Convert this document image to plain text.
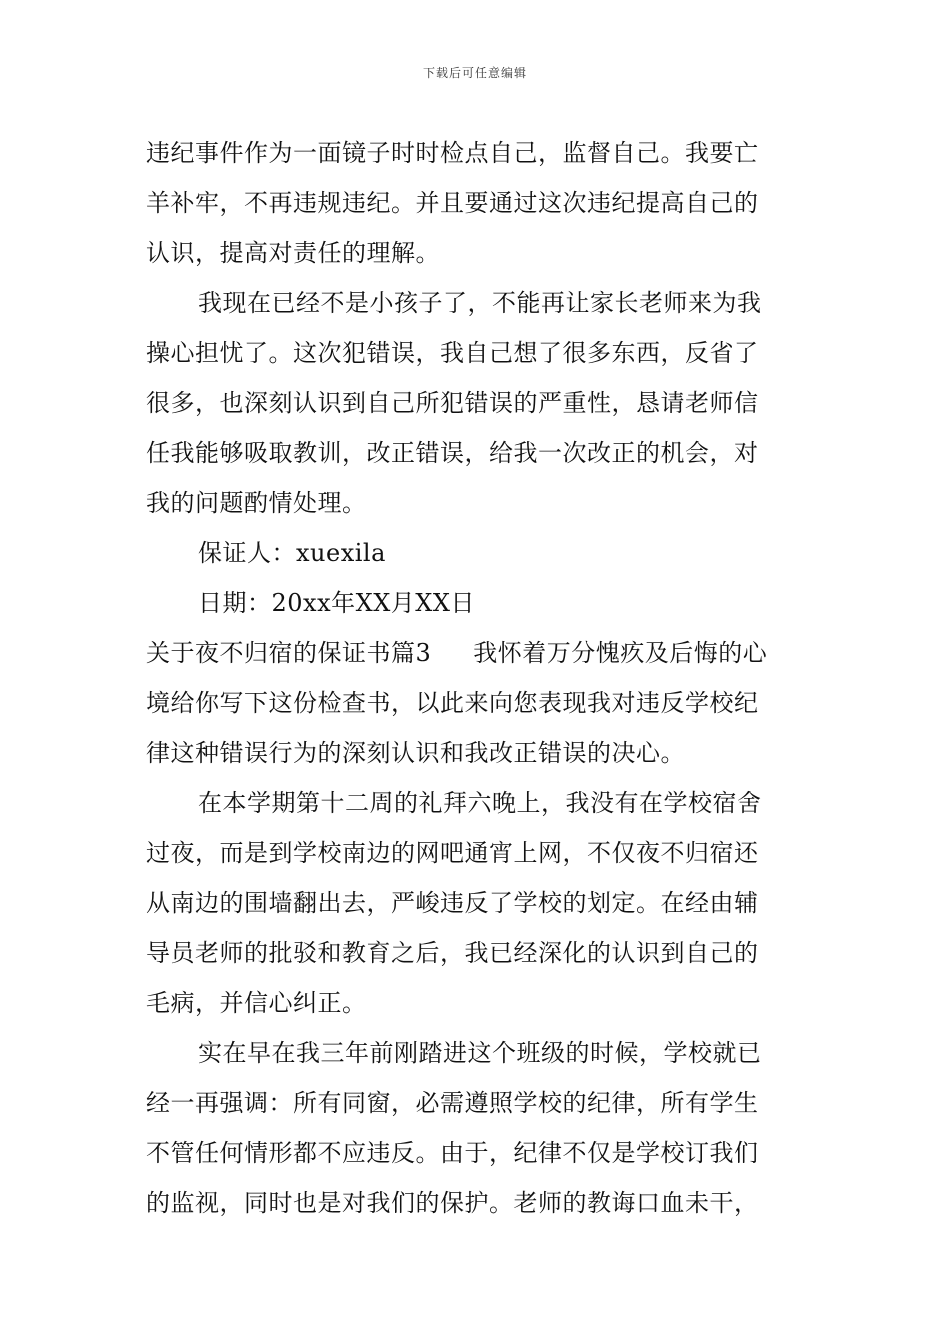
下载后可任意编辑
违纪事件作为一面镜子时时检点自己，监督自己。我要亡
羊补牢，不再违规违纪。并且要通过这次违纪提高自己的
认识，提高对责任的理解。
我现在已经不是小孩子了，不能再让家长老师来为我
操心担忧了。这次犯错误，我自己想了很多东西，反省了
很多，也深刻认识到自己所犯错误的严重性，恳请老师信
任我能够吸取教训，改正错误，给我一次改正的机会，对
我的问题酌情处理。
保证人：xuexila
日期：20xx年XX月XX日
关于夜不归宿的保证书篇3 我怀着万分愧疚及后悔的心
境给你写下这份检查书，以此来向您表现我对违反学校纪
律这种错误行为的深刻认识和我改正错误的决心。
在本学期第十二周的礼拜六晚上，我没有在学校宿舍
过夜，而是到学校南边的网吧通宵上网，不仅夜不归宿还
从南边的围墙翻出去，严峻违反了学校的划定。在经由辅
导员老师的批驳和教育之后，我已经深化的认识到自己的
毛病，并信心纠正。
实在早在我三年前刚踏进这个班级的时候，学校就已
经一再强调：所有同窗，必需遵照学校的纪律，所有学生
不管任何情形都不应违反。由于，纪律不仅是学校订我们
的监视，同时也是对我们的保护。老师的教诲口血未干，
